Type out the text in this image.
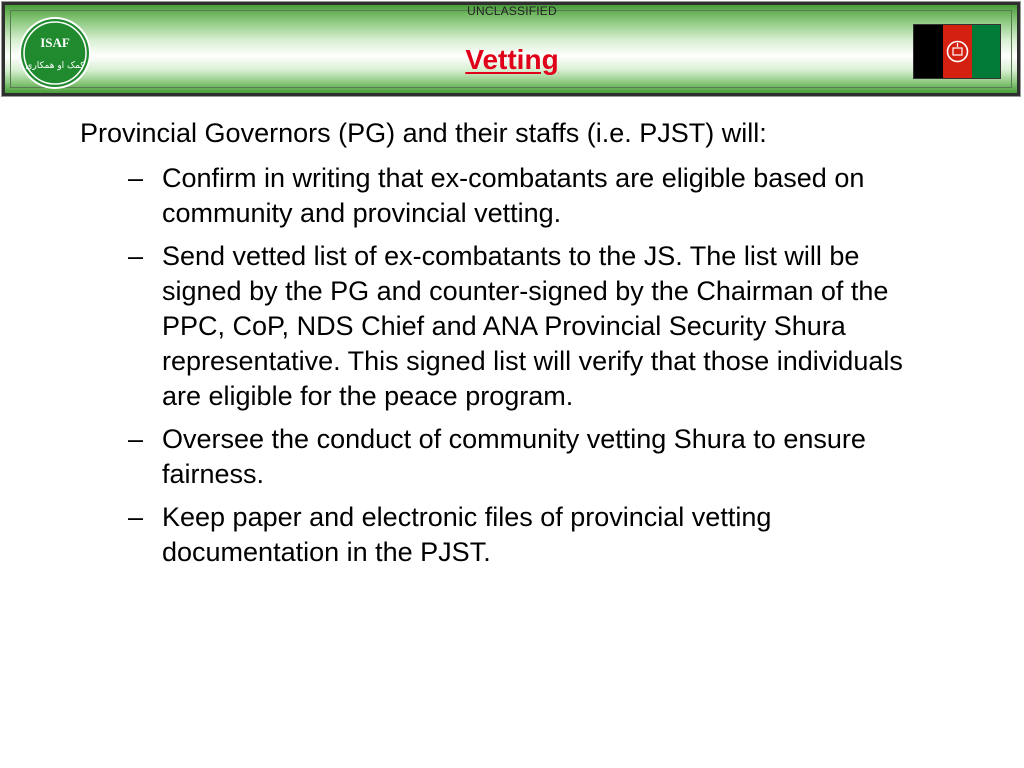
UNCLASSIFIED
Vetting
ISAF
کمک او همکاری

Provincial Governors (PG) and their staffs (i.e. PJST) will:

– Confirm in writing that ex-combatants are eligible based on community and provincial vetting.
– Send vetted list of ex-combatants to the JS. The list will be signed by the PG and counter-signed by the Chairman of the PPC, CoP, NDS Chief and ANA Provincial Security Shura representative. This signed list will verify that those individuals are eligible for the peace program.
– Oversee the conduct of community vetting Shura to ensure fairness.
– Keep paper and electronic files of provincial vetting documentation in the PJST.
